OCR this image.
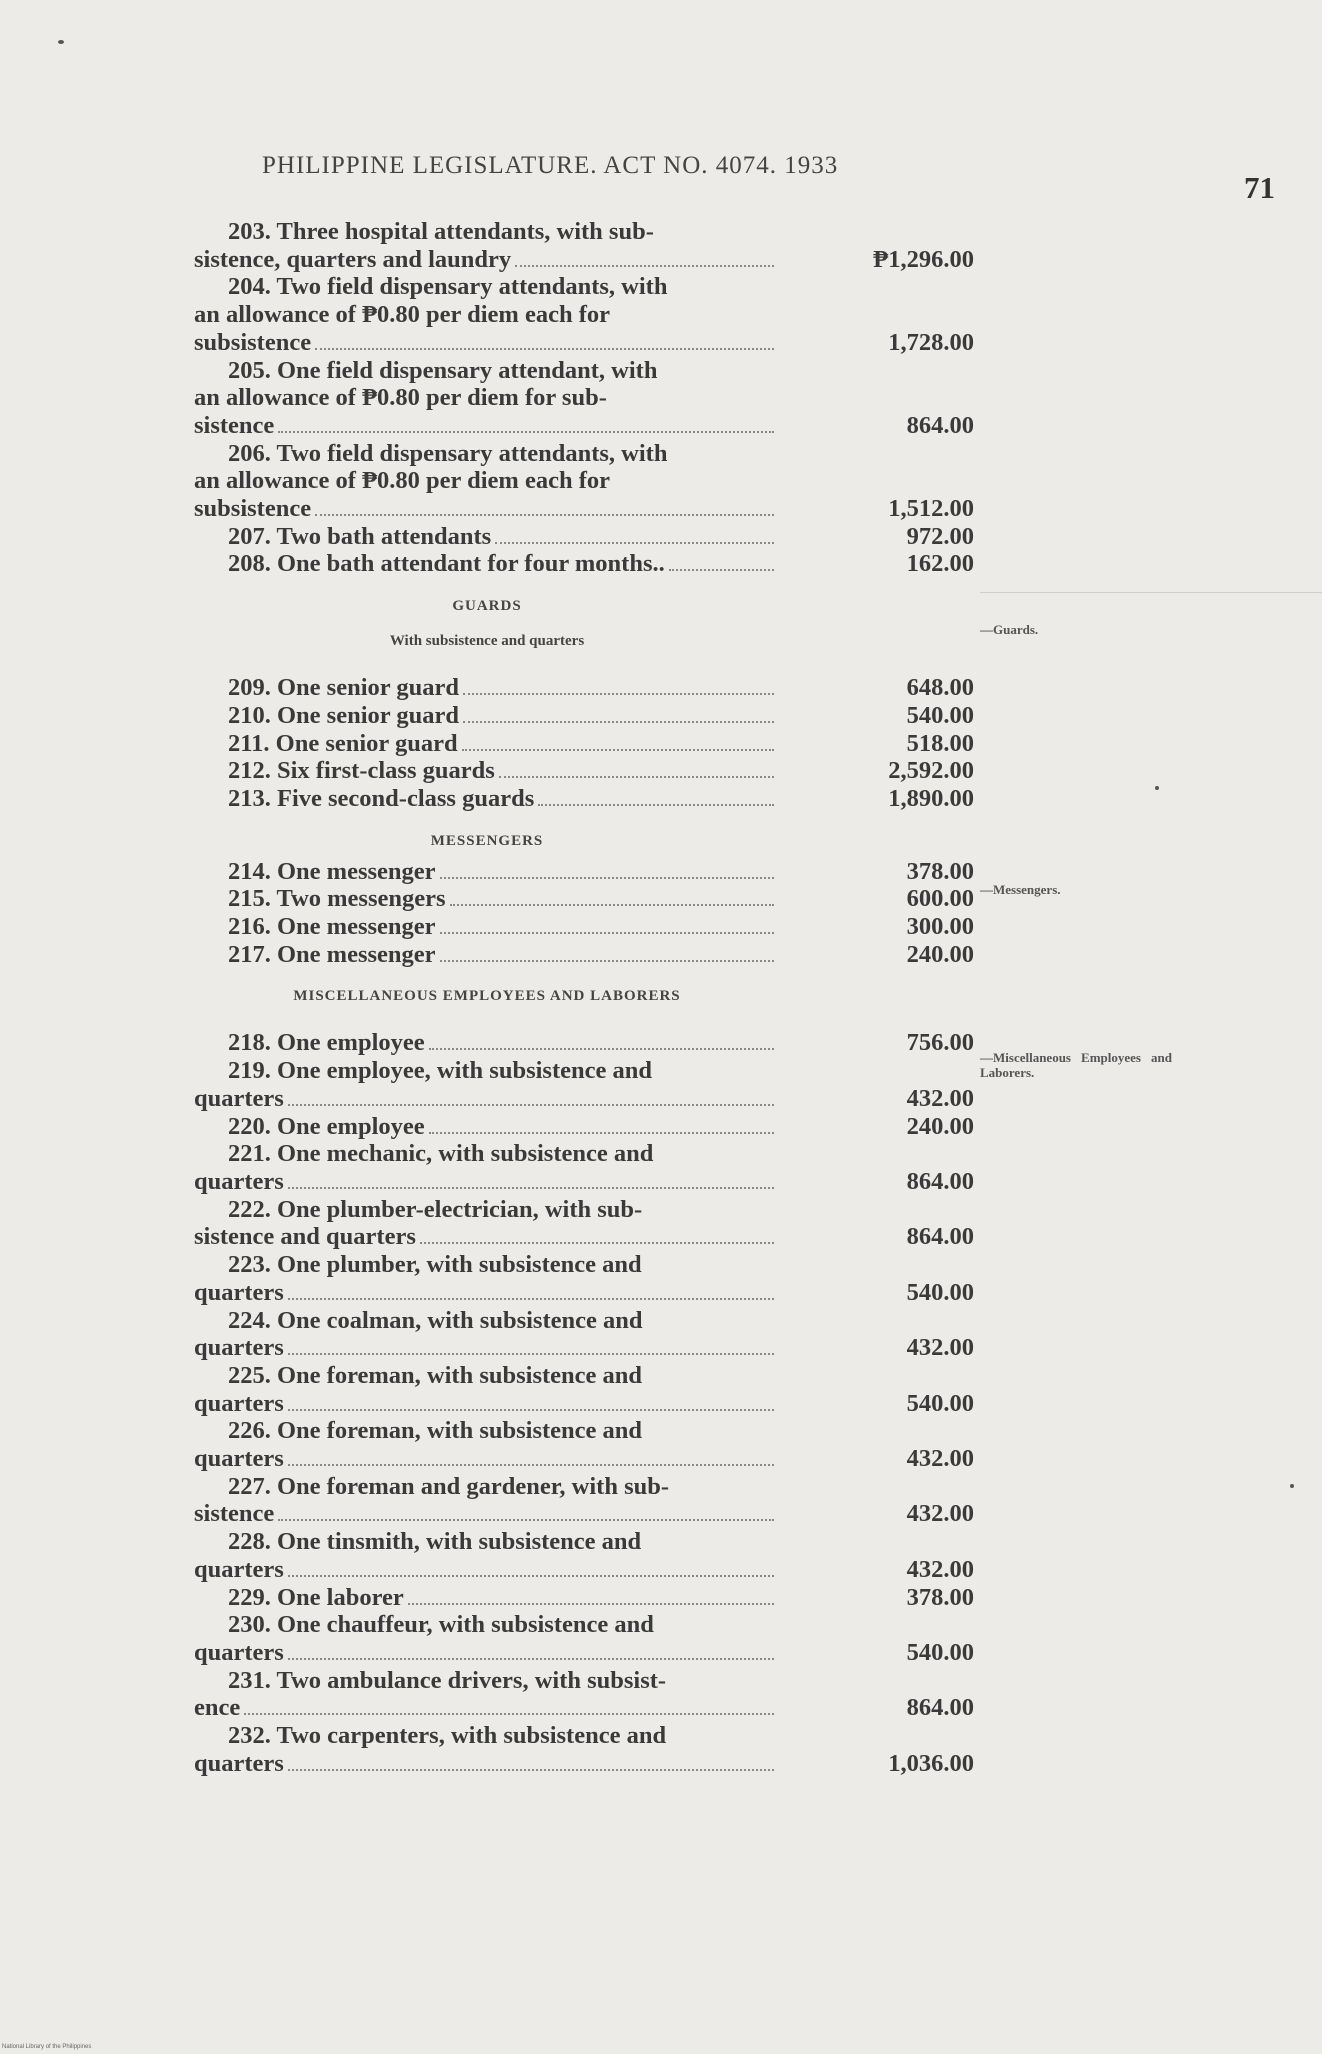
PHILIPPINE LEGISLATURE. ACT NO. 4074. 1933
71
—Guards.
—Messengers.
—Miscellaneous Employees and Laborers.
203. Three hospital attendants, with sub-
sistence, quarters and laundry	₱1,296.00
204. Two field dispensary attendants, with
an allowance of ₱0.80 per diem each for
subsistence	1,728.00
205. One field dispensary attendant, with
an allowance of ₱0.80 per diem for sub-
sistence	864.00
206. Two field dispensary attendants, with
an allowance of ₱0.80 per diem each for
subsistence	1,512.00
207. Two bath attendants	972.00
208. One bath attendant for four months..	162.00
GUARDS
With subsistence and quarters
209. One senior guard	648.00
210. One senior guard	540.00
211. One senior guard	518.00
212. Six first-class guards	2,592.00
213. Five second-class guards	1,890.00
MESSENGERS
214. One messenger	378.00
215. Two messengers	600.00
216. One messenger	300.00
217. One messenger	240.00
MISCELLANEOUS EMPLOYEES AND LABORERS
218. One employee	756.00
219. One employee, with subsistence and
quarters	432.00
220. One employee	240.00
221. One mechanic, with subsistence and
quarters	864.00
222. One plumber-electrician, with sub-
sistence and quarters	864.00
223. One plumber, with subsistence and
quarters	540.00
224. One coalman, with subsistence and
quarters	432.00
225. One foreman, with subsistence and
quarters	540.00
226. One foreman, with subsistence and
quarters	432.00
227. One foreman and gardener, with sub-
sistence	432.00
228. One tinsmith, with subsistence and
quarters	432.00
229. One laborer	378.00
230. One chauffeur, with subsistence and
quarters	540.00
231. Two ambulance drivers, with subsist-
ence	864.00
232. Two carpenters, with subsistence and
quarters	1,036.00
National Library of the Philippines
